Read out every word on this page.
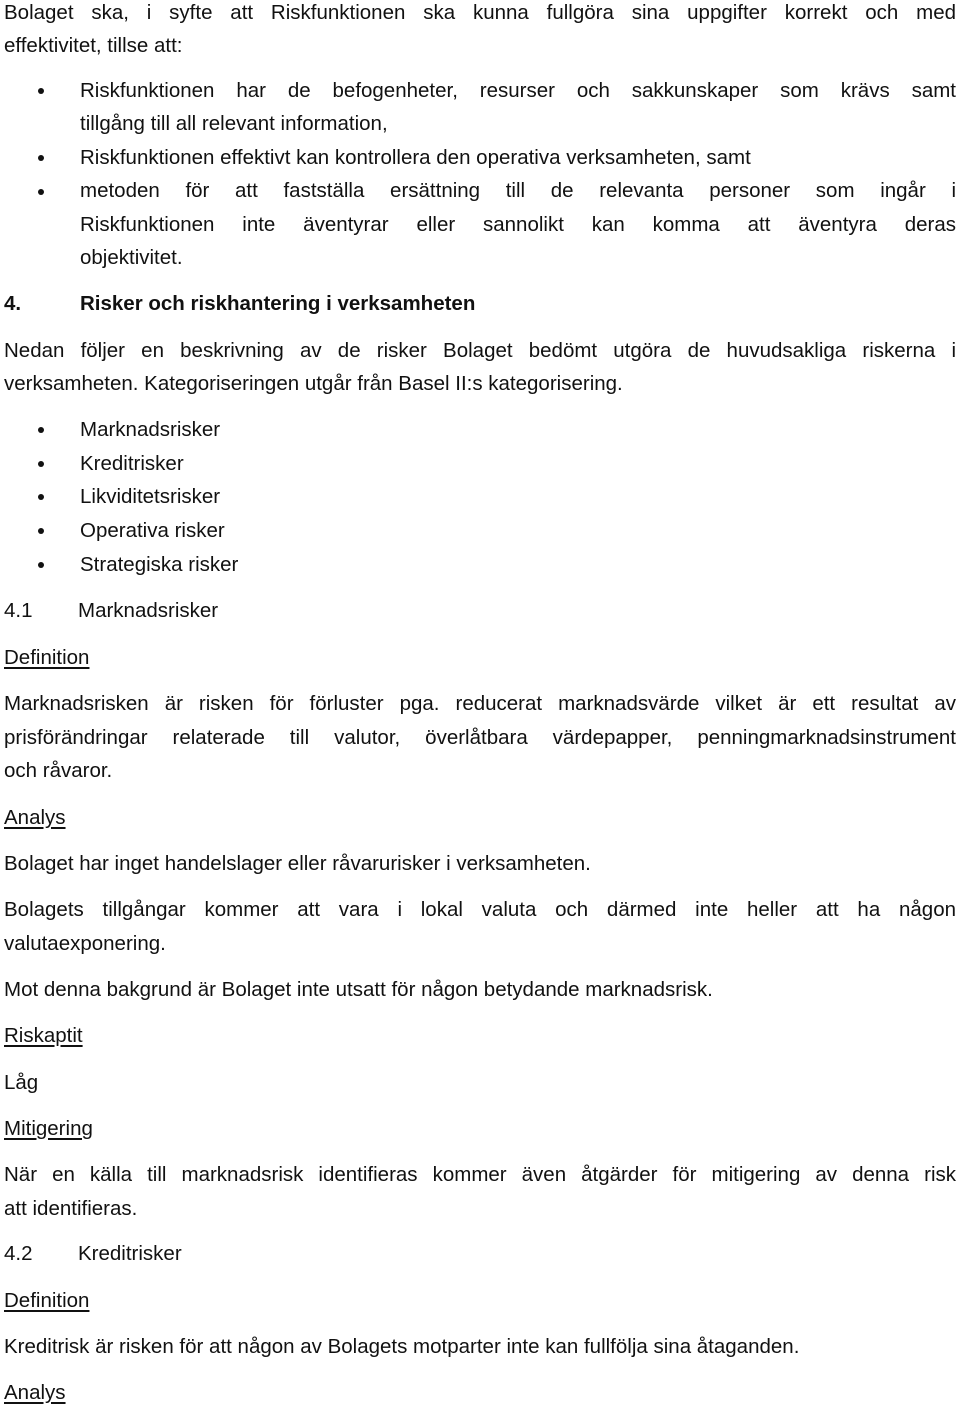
Bolaget ska, i syfte att Riskfunktionen ska kunna fullgöra sina uppgifter korrekt och med
effektivitet, tillse att:
Riskfunktionen har de befogenheter, resurser och sakkunskaper som krävs samt
tillgång till all relevant information,
Riskfunktionen effektivt kan kontrollera den operativa verksamheten, samt
metoden för att fastställa ersättning till de relevanta personer som ingår i
Riskfunktionen inte äventyrar eller sannolikt kan komma att äventyra deras
objektivitet.
4.	Risker och riskhantering i verksamheten
Nedan följer en beskrivning av de risker Bolaget bedömt utgöra de huvudsakliga riskerna i
verksamheten. Kategoriseringen utgår från Basel II:s kategorisering.
Marknadsrisker
Kreditrisker
Likviditetsrisker
Operativa risker
Strategiska risker
4.1 Marknadsrisker
Definition
Marknadsrisken är risken för förluster pga. reducerat marknadsvärde vilket är ett resultat av
prisförändringar relaterade till valutor, överlåtbara värdepapper, penningmarknadsinstrument
och råvaror.
Analys
Bolaget har inget handelslager eller råvarurisker i verksamheten.
Bolagets tillgångar kommer att vara i lokal valuta och därmed inte heller att ha någon
valutaexponering.
Mot denna bakgrund är Bolaget inte utsatt för någon betydande marknadsrisk.
Riskaptit
Låg
Mitigering
När en källa till marknadsrisk identifieras kommer även åtgärder för mitigering av denna risk
att identifieras.
4.2 Kreditrisker
Definition
Kreditrisk är risken för att någon av Bolagets motparter inte kan fullfölja sina åtaganden.
Analys
